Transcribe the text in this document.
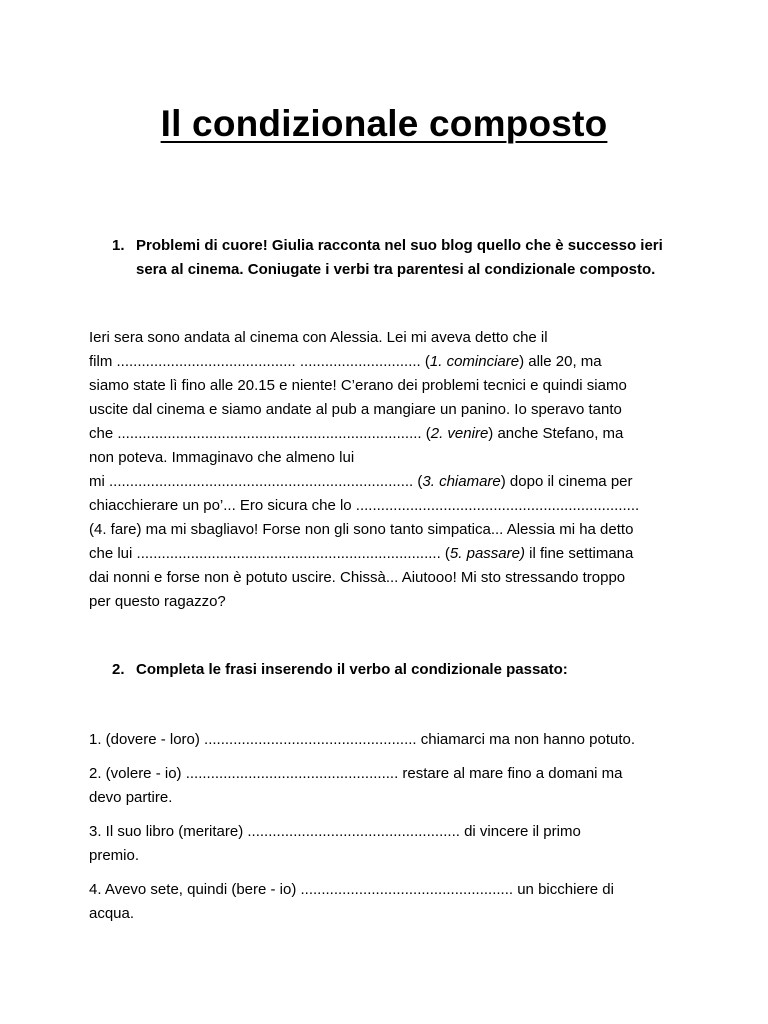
Il condizionale composto
1. Problemi di cuore! Giulia racconta nel suo blog quello che è successo ieri
sera al cinema. Coniugate i verbi tra parentesi al condizionale composto.
Ieri sera sono andata al cinema con Alessia. Lei mi aveva detto che il
film ........................................... ............................. (1. cominciare) alle 20, ma
siamo state lì fino alle 20.15 e niente! C’erano dei problemi tecnici e quindi siamo
uscite dal cinema e siamo andate al pub a mangiare un panino. Io speravo tanto
che ......................................................................... (2. venire) anche Stefano, ma
non poteva. Immaginavo che almeno lui
mi ......................................................................... (3. chiamare) dopo il cinema per
chiacchierare un po’... Ero sicura che lo ....................................................................
(4. fare) ma mi sbagliavo! Forse non gli sono tanto simpatica... Alessia mi ha detto
che lui ......................................................................... (5. passare) il fine settimana
dai nonni e forse non è potuto uscire. Chissà... Aiutooo! Mi sto stressando troppo
per questo ragazzo?
2. Completa le frasi inserendo il verbo al condizionale passato:
1. (dovere - loro) ................................................... chiamarci ma non hanno potuto.
2. (volere - io) ................................................... restare al mare fino a domani ma
devo partire.
3. Il suo libro (meritare) ................................................... di vincere il primo
premio.
4. Avevo sete, quindi (bere - io) ................................................... un bicchiere di
acqua.
